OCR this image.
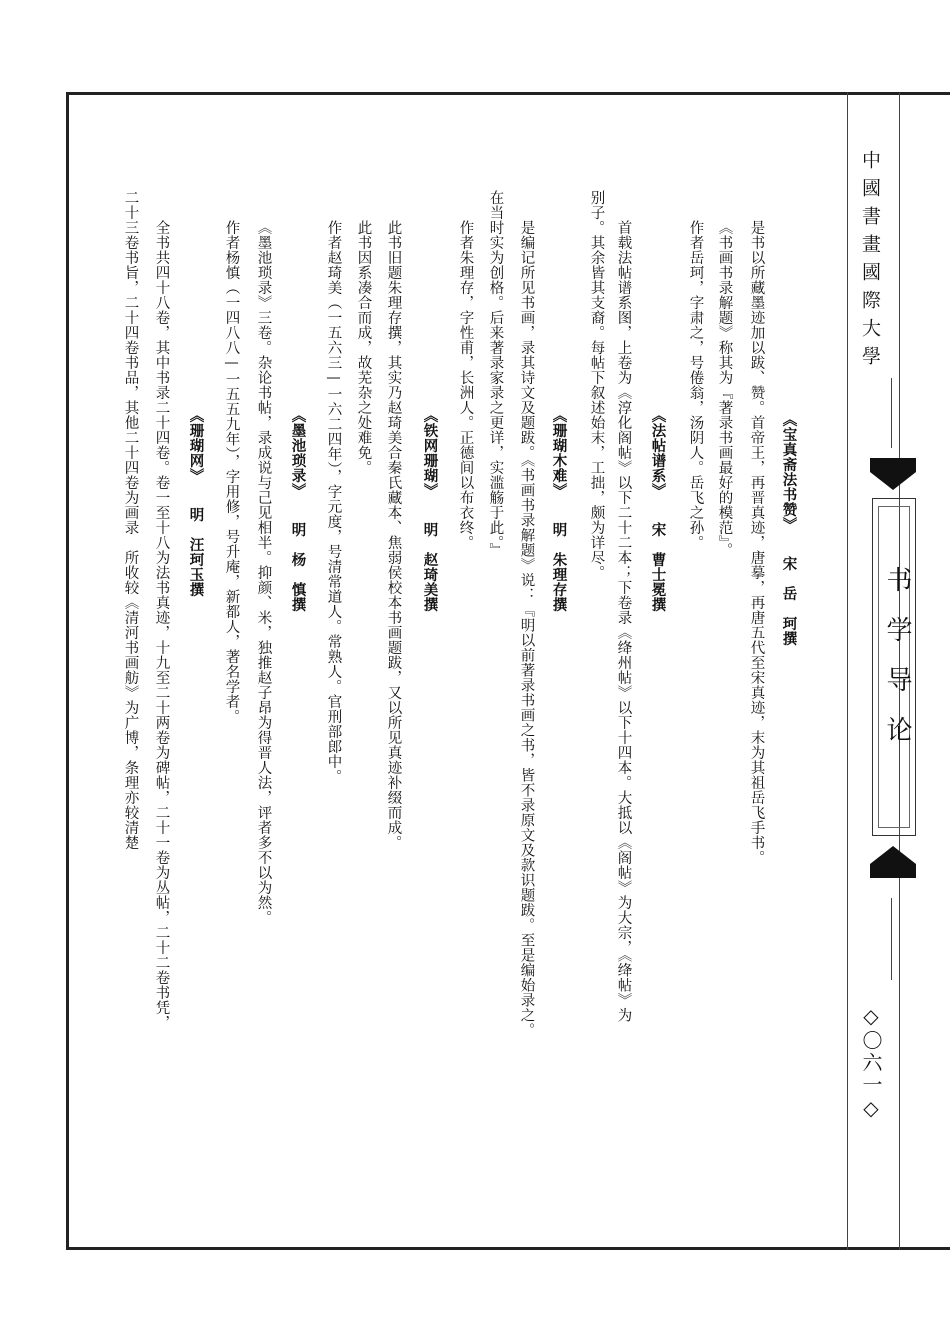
中國書畫國際大學
书学导论
◇〇六一◇
《宝真斋法书赞》宋　岳　珂撰
是书以所藏墨迹加以跋、赞。首帝王，再晋真迹，唐摹，再唐五代至宋真迹，末为其祖岳飞手书。
《书画书录解题》称其为『著录书画最好的模范』。
作者岳珂，字肃之，号倦翁，汤阴人。岳飞之孙。
《法帖谱系》宋　曹士冕撰
首载法帖谱系图，上卷为《淳化阁帖》以下二十二本；下卷录《绛州帖》以下十四本。大抵以《阁帖》为大宗，《绛帖》为
别子。其余皆其支裔。每帖下叙述始末，工拙，颇为详尽。
《珊瑚木难》明　朱理存撰
是编记所见书画，录其诗文及题跋。《书画书录解题》说：『明以前著录书画之书，皆不录原文及款识题跋。至是编始录之。
在当时实为创格。后来著录家录之更详，实滥觞于此。』
作者朱理存，字性甫，长洲人。正德间以布衣终。
《铁网珊瑚》明　赵琦美撰
此书旧题朱理存撰，其实乃赵琦美合秦氏藏本、焦弱侯校本书画题跋，又以所见真迹补缀而成。
此书因系凑合而成，故芜杂之处难免。
作者赵琦美（一五六三—一六二四年），字元度，号清常道人。常熟人。官刑部郎中。
《墨池琐录》明　杨　慎撰
《墨池琐录》三卷。杂论书帖，录成说与己见相半。抑颜、米，独推赵子昂为得晋人法，评者多不以为然。
作者杨慎（一四八八—一五五九年），字用修，号升庵，新都人，著名学者。
《珊瑚网》明　汪珂玉撰
全书共四十八卷，其中书录二十四卷。卷一至十八为法书真迹，十九至二十两卷为碑帖，二十一卷为丛帖，二十二卷书凭，
二十三卷书旨，二十四卷书品，其他二十四卷为画录　所收较《清河书画舫》为广博，条理亦较清楚
